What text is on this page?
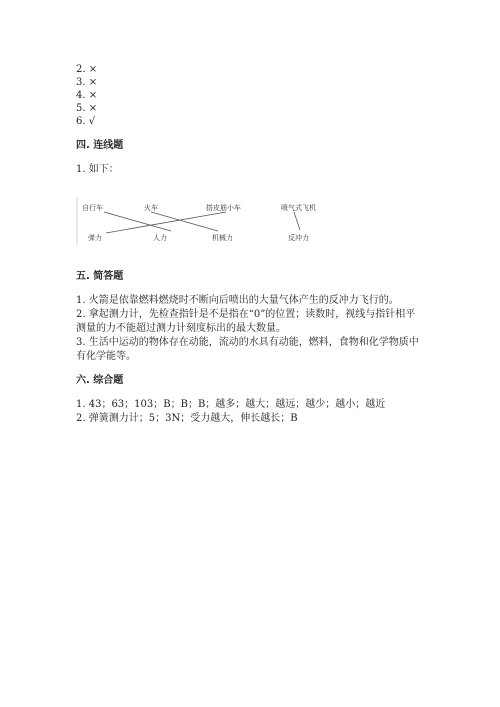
2. ×
3. ×
4. ×
5. ×
6. √
四. 连线题
1. 如下：
自行车	火车	搭皮筋小车	喷气式飞机
弹力	人力	机械力	反冲力
五. 简答题
1. 火箭是依靠燃料燃烧时不断向后喷出的大量气体产生的反冲力飞行的。
2. 拿起测力计，先检查指针是不是指在“0”的位置；读数时，视线与指针相平
测量的力不能超过测力计刻度标出的最大数量。
3. 生活中运动的物体存在动能，流动的水具有动能，燃料，食物和化学物质中
有化学能等。
六. 综合题
1. 43；63；103；B；B；B；越多；越大；越远；越少；越小；越近
2. 弹簧测力计；5；3N；受力越大，伸长越长；B
